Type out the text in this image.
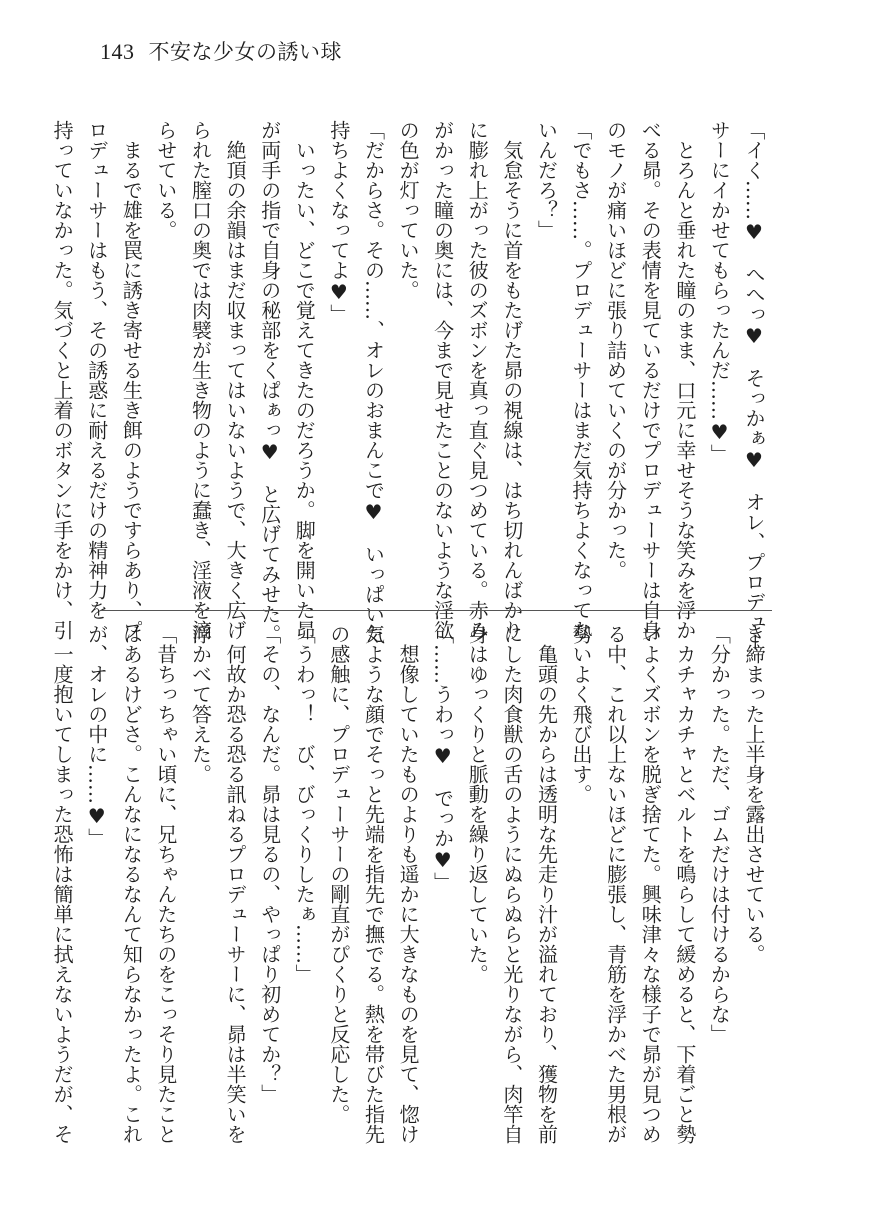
143 不安な少女の誘い球

「イく……♥　へへっ♥　そっかぁ♥　オレ、プロデュー

サーにイかせてもらったんだ……♥」

　とろんと垂れた瞳のまま、口元に幸せそうな笑みを浮か

べる昴。その表情を見ているだけでプロデューサーは自身

のモノが痛いほどに張り詰めていくのが分かった。

「でもさ……。プロデューサーはまだ気持ちよくなってな

いんだろ？」

　気怠そうに首をもたげた昴の視線は、はち切れんばかり

に膨れ上がった彼のズボンを真っ直ぐ見つめている。赤み

がかった瞳の奥には、今まで見せたことのないような淫欲

の色が灯っていた。

「だからさ。その……、オレのおまんこで♥　いっぱい気

持ちよくなってよ♥」

　いったい、どこで覚えてきたのだろうか。脚を開いた昴

が両手の指で自身の秘部をくぱぁっ♥　と広げてみせた。

　絶頂の余韻はまだ収まってはいないようで、大きく広げ

られた膣口の奥では肉襞が生き物のように蠢き、淫液を滴

らせている。

　まるで雄を罠に誘き寄せる生き餌のようですらあり、プ

ロデューサーはもう、その誘惑に耐えるだけの精神力を

持っていなかった。気づくと上着のボタンに手をかけ、引

き締まった上半身を露出させている。

「分かった。ただ、ゴムだけは付けるからな」

　カチャカチャとベルトを鳴らして緩めると、下着ごと勢

いよくズボンを脱ぎ捨てた。興味津々な様子で昴が見つめ

る中、これ以上ないほどに膨張し、青筋を浮かべた男根が

勢いよく飛び出す。

　亀頭の先からは透明な先走り汁が溢れており、獲物を前

にした肉食獣の舌のようにぬらぬらと光りながら、肉竿自

身はゆっくりと脈動を繰り返していた。

「……うわっ♥　でっか♥」

　想像していたものよりも遥かに大きなものを見て、惚け

たような顔でそっと先端を指先で撫でる。熱を帯びた指先

の感触に、プロデューサーの剛直がぴくりと反応した。

「うわっ！　び、びっくりしたぁ……」

「その、なんだ。昴は見るの、やっぱり初めてか？」

　何故か恐る恐る訊ねるプロデューサーに、昴は半笑いを

浮かべて答えた。

「昔ちっちゃい頃に、兄ちゃんたちのをこっそり見たこと

はあるけどさ。こんなになるなんて知らなかったよ。これ

が、オレの中に……♥」

　一度抱いてしまった恐怖は簡単に拭えないようだが、そ
